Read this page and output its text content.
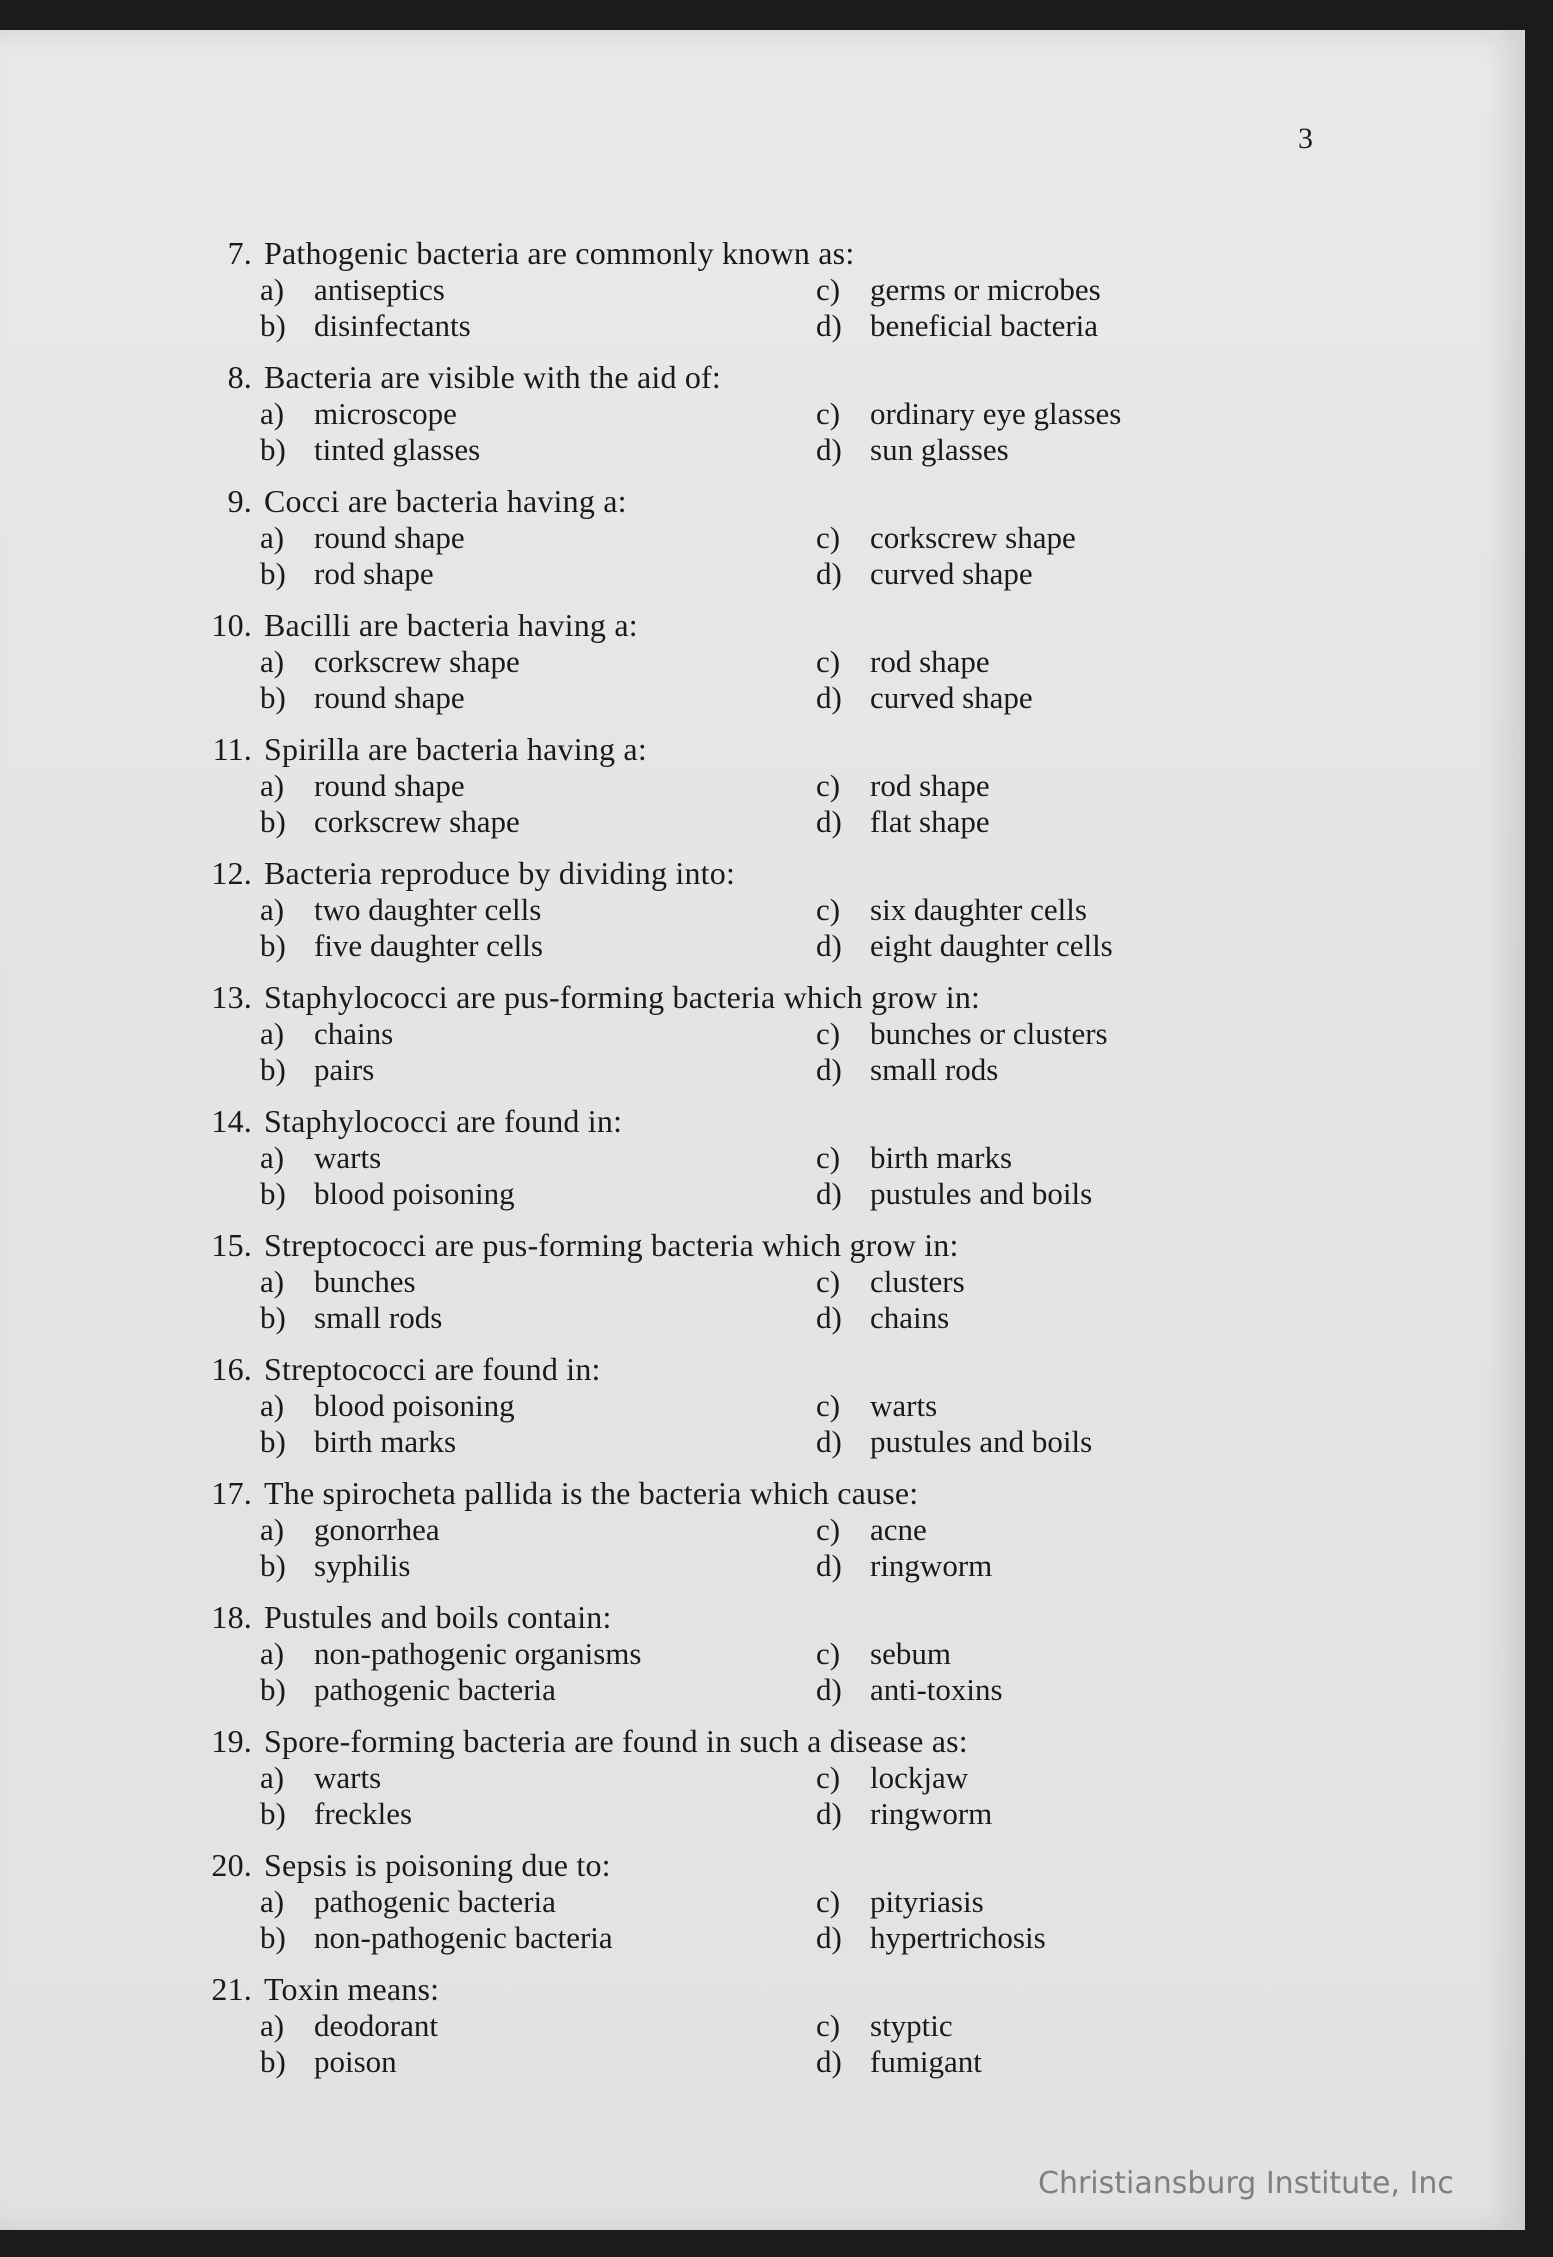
3
7. Pathogenic bacteria are commonly known as:
a) antiseptics	c) germs or microbes
b) disinfectants	d) beneficial bacteria
8. Bacteria are visible with the aid of:
a) microscope	c) ordinary eye glasses
b) tinted glasses	d) sun glasses
9. Cocci are bacteria having a:
a) round shape	c) corkscrew shape
b) rod shape	d) curved shape
10. Bacilli are bacteria having a:
a) corkscrew shape	c) rod shape
b) round shape	d) curved shape
11. Spirilla are bacteria having a:
a) round shape	c) rod shape
b) corkscrew shape	d) flat shape
12. Bacteria reproduce by dividing into:
a) two daughter cells	c) six daughter cells
b) five daughter cells	d) eight daughter cells
13. Staphylococci are pus-forming bacteria which grow in:
a) chains	c) bunches or clusters
b) pairs	d) small rods
14. Staphylococci are found in:
a) warts	c) birth marks
b) blood poisoning	d) pustules and boils
15. Streptococci are pus-forming bacteria which grow in:
a) bunches	c) clusters
b) small rods	d) chains
16. Streptococci are found in:
a) blood poisoning	c) warts
b) birth marks	d) pustules and boils
17. The spirocheta pallida is the bacteria which cause:
a) gonorrhea	c) acne
b) syphilis	d) ringworm
18. Pustules and boils contain:
a) non-pathogenic organisms	c) sebum
b) pathogenic bacteria	d) anti-toxins
19. Spore-forming bacteria are found in such a disease as:
a) warts	c) lockjaw
b) freckles	d) ringworm
20. Sepsis is poisoning due to:
a) pathogenic bacteria	c) pityriasis
b) non-pathogenic bacteria	d) hypertrichosis
21. Toxin means:
a) deodorant	c) styptic
b) poison	d) fumigant
Christiansburg Institute, Inc
